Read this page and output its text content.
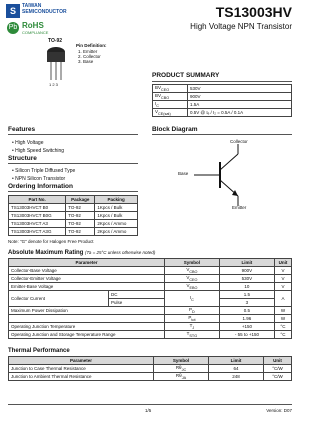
S	TAIWAN
SEMICONDUCTOR
Pb RoHS
COMPLIANCE
TS13003HV
High Voltage NPN Transistor
TO-92
1 2 3
Pin Definition:
1. Emitter
2. Collector
3. Base
PRODUCT SUMMARY
$BV_{CEO}$	530V
$BV_{CBO}$	900V
$I_C$	1.5A
$V_{CE(sat)}$	0.5V @ Iₑ / I₂ = 0.5A / 0.1A
Features
• High Voltage
• High Speed Switching
Structure
• Silicon Triple Diffused Type
• NPN Silicon Transistor
Ordering Information
Part No.	Package	Packing
TS13003HVCT B0	TO-92	1Kpcs / Bulk
TS13003HVCT B0G	TO-92	1Kpcs / Bulk
TS13003HVCT A3	TO-92	2Kpcs / Ammo
TS13003HVCT A3G	TO-92	2Kpcs / Ammo
Note: "G" denote for Halogen Free Product
Block Diagram
Collector
Base
Emitter
Absolute Maximum Rating (Ta = 25°C unless otherwise noted)
Parameter		Symbol	Limit	Unit
Collector-Base Voltage		$V_{CBO}$	900V	V
Collector-Emitter Voltage		$V_{CEO}$	530V	V
Emitter-Base Voltage		$V_{EBO}$	10	V
Collector Current	DC	$I_C$	1.5	A
	Pulse		3	
Maximum Power Dissipation		$P_D$	0.5	W
		$P_{tot}$	1.96	W
Operating Junction Temperature		$T_J$	+150	°C
Operating Junction and Storage Temperature Range		$T_{STG}$	- 55 to +150	°C
Thermal Performance
Parameter	Symbol	Limit	Unit
Junction to Case Thermal Resistance	$R\theta_{JC}$	64	°C/W
Junction to Ambient Thermal Resistance	$R\theta_{JA}$	248	°C/W
1/5	Version: D07
